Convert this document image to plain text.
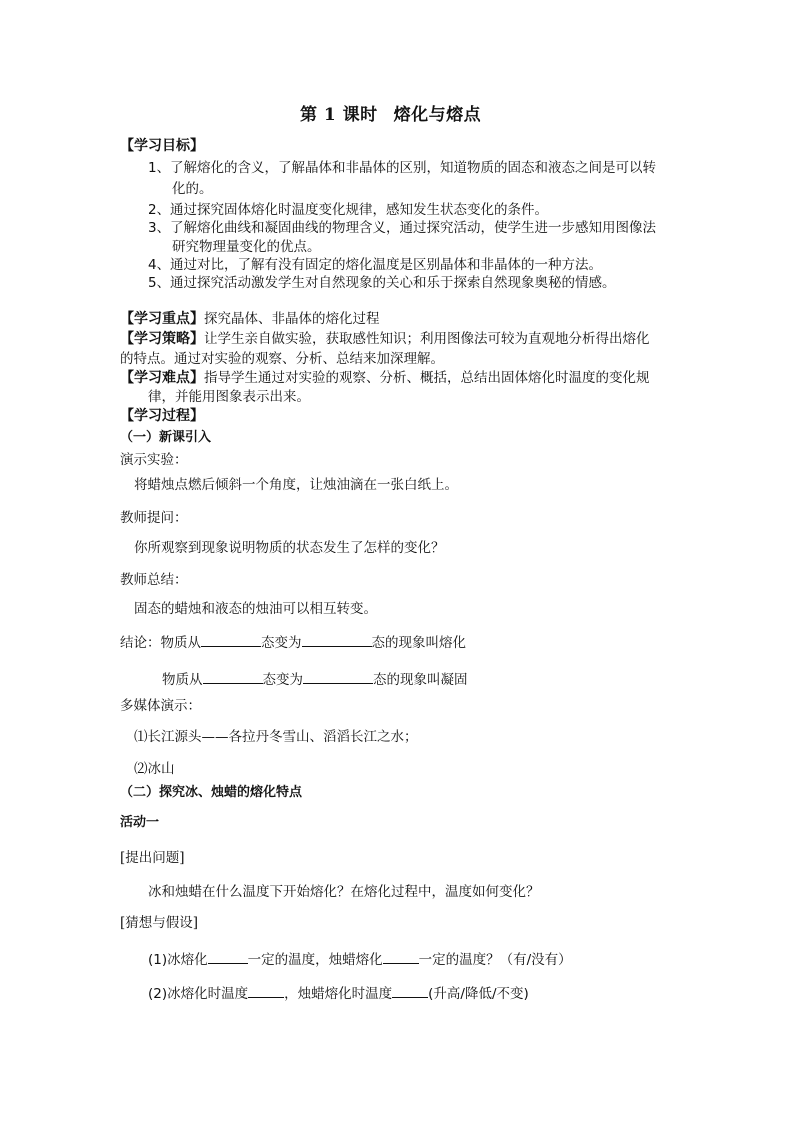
第 1 课时 熔化与熔点
【学习目标】
1、了解熔化的含义，了解晶体和非晶体的区别，知道物质的固态和液态之间是可以转
化的。
2、通过探究固体熔化时温度变化规律，感知发生状态变化的条件。
3、了解熔化曲线和凝固曲线的物理含义，通过探究活动，使学生进一步感知用图像法
研究物理量变化的优点。
4、通过对比，了解有没有固定的熔化温度是区别晶体和非晶体的一种方法。
5、通过探究活动激发学生对自然现象的关心和乐于探索自然现象奥秘的情感。
【学习重点】探究晶体、非晶体的熔化过程
【学习策略】让学生亲自做实验，获取感性知识；利用图像法可较为直观地分析得出熔化
的特点。通过对实验的观察、分析、总结来加深理解。
【学习难点】指导学生通过对实验的观察、分析、概括，总结出固体熔化时温度的变化规
律，并能用图象表示出来。
【学习过程】
（一）新课引入
演示实验：
将蜡烛点燃后倾斜一个角度，让烛油滴在一张白纸上。
教师提问：
你所观察到现象说明物质的状态发生了怎样的变化？
教师总结：
固态的蜡烛和液态的烛油可以相互转变。
结论：物质从	态变为	态的现象叫熔化
物质从	态变为	态的现象叫凝固
多媒体演示：
⑴长江源头——各拉丹冬雪山、滔滔长江之水；
⑵冰山
（二）探究冰、烛蜡的熔化特点
活动一
[提出问题]
冰和烛蜡在什么温度下开始熔化？在熔化过程中，温度如何变化？
[猜想与假设]
(1)冰熔化	一定的温度，烛蜡熔化	一定的温度？（有/没有）
(2)冰熔化时温度	，烛蜡熔化时温度	(升高/降低/不变)
